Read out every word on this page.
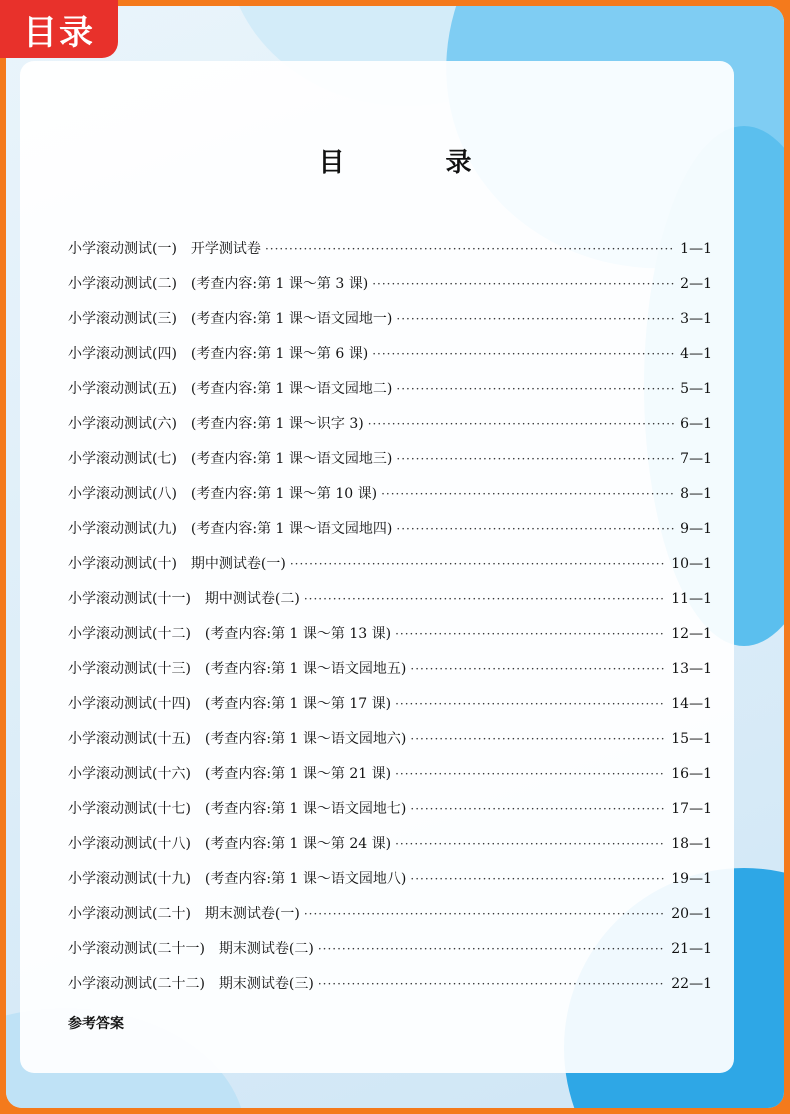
目录
目 录
小学滚动测试(一)　开学测试卷 ·····	1—1
小学滚动测试(二)　(考查内容:第 1 课～第 3 课) ·····	2—1
小学滚动测试(三)　(考查内容:第 1 课～语文园地一) ·····	3—1
小学滚动测试(四)　(考查内容:第 1 课～第 6 课) ·····	4—1
小学滚动测试(五)　(考查内容:第 1 课～语文园地二) ·····	5—1
小学滚动测试(六)　(考查内容:第 1 课～识字 3) ·····	6—1
小学滚动测试(七)　(考查内容:第 1 课～语文园地三) ·····	7—1
小学滚动测试(八)　(考查内容:第 1 课～第 10 课) ·····	8—1
小学滚动测试(九)　(考查内容:第 1 课～语文园地四) ·····	9—1
小学滚动测试(十)　期中测试卷(一) ·····	10—1
小学滚动测试(十一)　期中测试卷(二) ·····	11—1
小学滚动测试(十二)　(考查内容:第 1 课～第 13 课) ·····	12—1
小学滚动测试(十三)　(考查内容:第 1 课～语文园地五) ·····	13—1
小学滚动测试(十四)　(考查内容:第 1 课～第 17 课) ·····	14—1
小学滚动测试(十五)　(考查内容:第 1 课～语文园地六) ·····	15—1
小学滚动测试(十六)　(考查内容:第 1 课～第 21 课) ·····	16—1
小学滚动测试(十七)　(考查内容:第 1 课～语文园地七) ·····	17—1
小学滚动测试(十八)　(考查内容:第 1 课～第 24 课) ·····	18—1
小学滚动测试(十九)　(考查内容:第 1 课～语文园地八) ·····	19—1
小学滚动测试(二十)　期末测试卷(一) ·····	20—1
小学滚动测试(二十一)　期末测试卷(二) ·····	21—1
小学滚动测试(二十二)　期末测试卷(三) ·····	22—1
参考答案
